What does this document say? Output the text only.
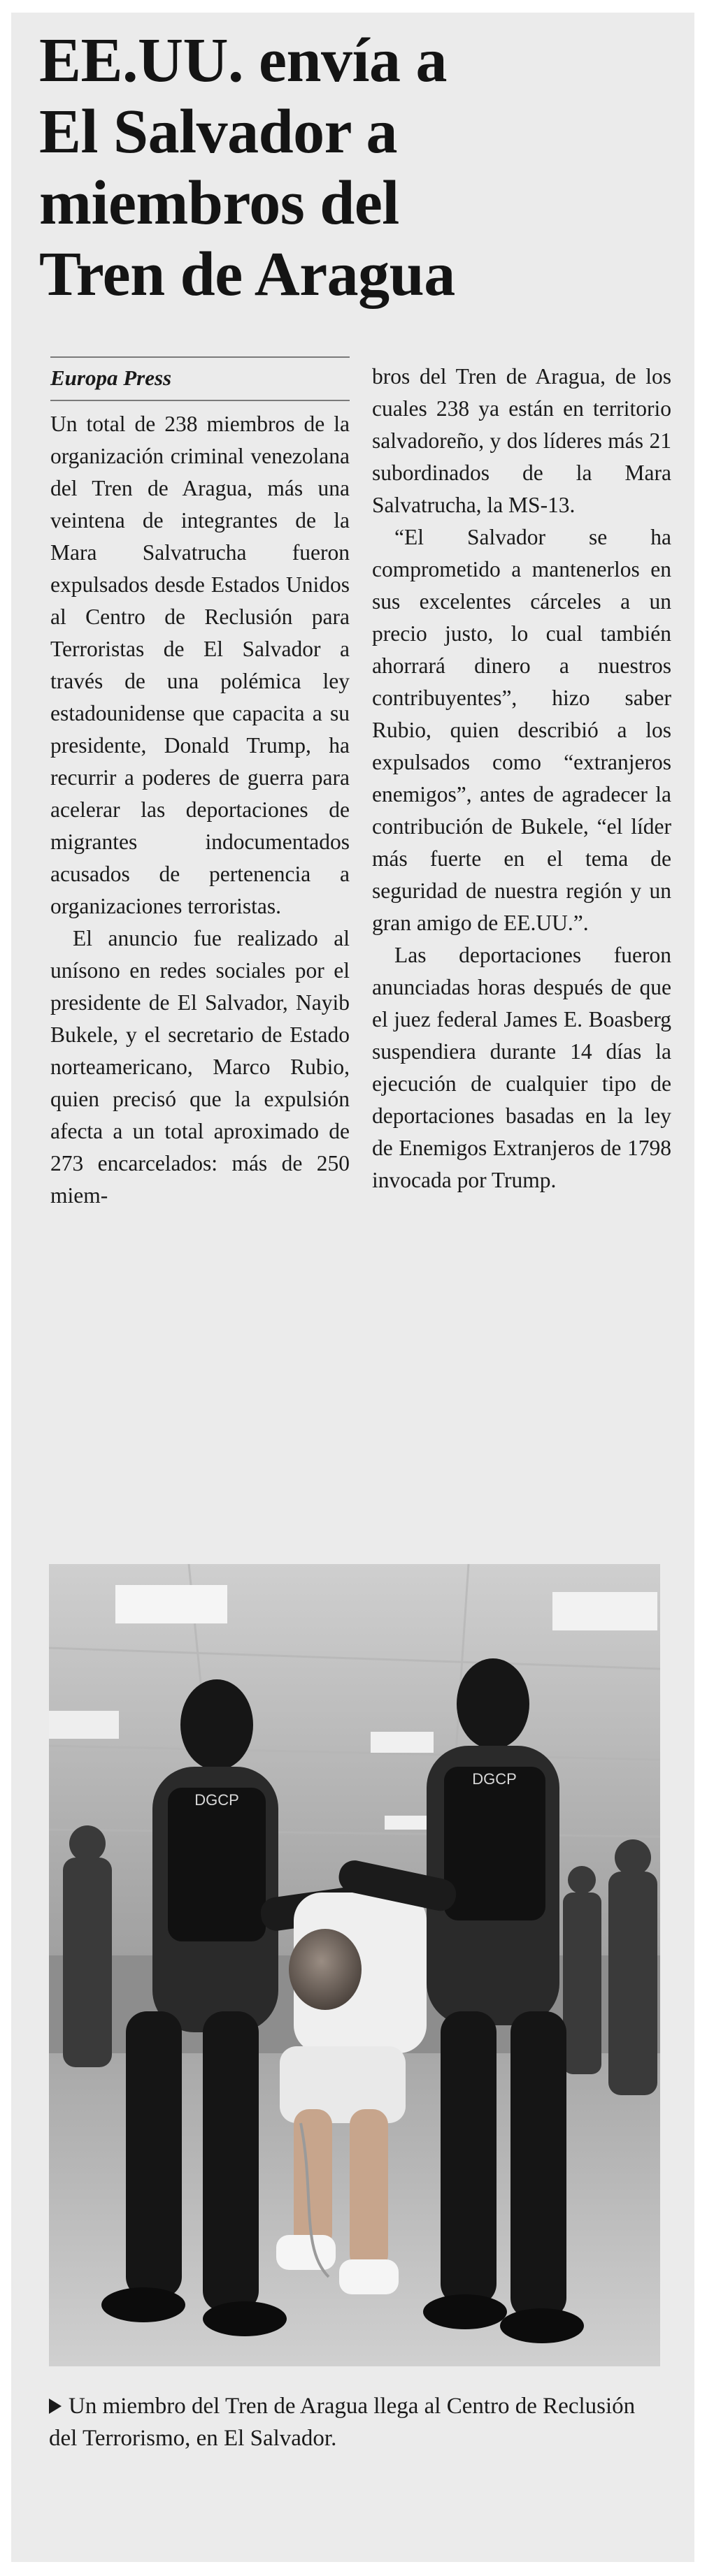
EE.UU. envía a
El Salvador a
miembros del
Tren de Aragua
Europa Press

Un total de 238 miembros de la organización criminal venezolana del Tren de Aragua, más una veintena de integrantes de la Mara Salvatrucha fueron expulsados desde Estados Unidos al Centro de Reclusión para Terroristas de El Salvador a través de una polémica ley estadounidense que capacita a su presidente, Donald Trump, ha recurrir a poderes de guerra para acelerar las deportaciones de migrantes indocumentados acusados de pertenencia a organizaciones terroristas.

El anuncio fue realizado al unísono en redes sociales por el presidente de El Salvador, Nayib Bukele, y el secretario de Estado norteamericano, Marco Rubio, quien precisó que la expulsión afecta a un total aproximado de 273 encarcelados: más de 250 miem-

bros del Tren de Aragua, de los cuales 238 ya están en territorio salvadoreño, y dos líderes más 21 subordinados de la Mara Salvatrucha, la MS-13.

“El Salvador se ha comprometido a mantenerlos en sus excelentes cárceles a un precio justo, lo cual también ahorrará dinero a nuestros contribuyentes”, hizo saber Rubio, quien describió a los expulsados como “extranjeros enemigos”, antes de agradecer la contribución de Bukele, “el líder más fuerte en el tema de seguridad de nuestra región y un gran amigo de EE.UU.”.

Las deportaciones fueron anunciadas horas después de que el juez federal James E. Boasberg suspendiera durante 14 días la ejecución de cualquier tipo de deportaciones basadas en la ley de Enemigos Extranjeros de 1798 invocada por Trump.

DGCP
DGCP
Un miembro del Tren de Aragua llega al Centro de Reclusión del Terrorismo, en El Salvador.
